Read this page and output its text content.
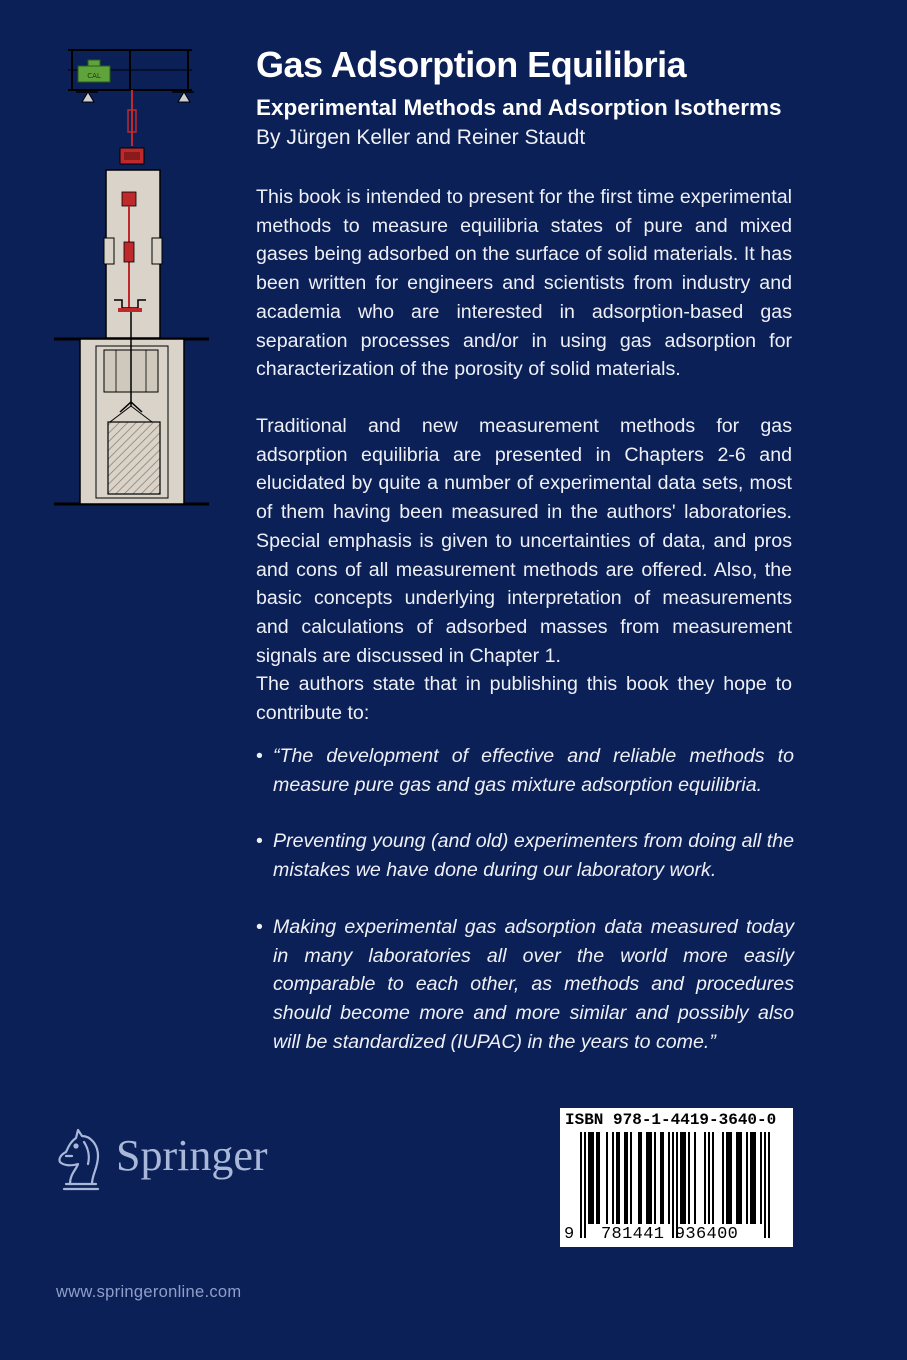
CAL	Gas Adsorption Equilibria
Experimental Methods and Adsorption Isotherms
By Jürgen Keller and Reiner Staudt

This book is intended to present for the first time experimental methods to measure equilibria states of pure and mixed gases being adsorbed on the surface of solid materials. It has been written for engineers and scientists from industry and academia who are interested in adsorption-based gas separation processes and/or in using gas adsorption for characterization of the porosity of solid materials.

Traditional and new measurement methods for gas adsorption equilibria are presented in Chapters 2-6 and elucidated by quite a number of experimental data sets, most of them having been measured in the authors' laboratories. Special emphasis is given to uncertainties of data, and pros and cons of all measurement methods are offered. Also, the basic concepts underlying interpretation of measurements and calculations of adsorbed masses from measurement signals are discussed in Chapter 1.

The authors state that in publishing this book they hope to contribute to:

• “The development of effective and reliable methods to measure pure gas and gas mixture adsorption equilibria.
• Preventing young (and old) experimenters from doing all the mistakes we have done during our laboratory work.
• Making experimental gas adsorption data measured today in many laboratories all over the world more easily comparable to each other, as methods and procedures should become more and more similar and possibly also will be standardized (IUPAC) in the years to come.”
Springer
www.springeronline.com
ISBN 978-1-4419-3640-0
9 781441 936400
